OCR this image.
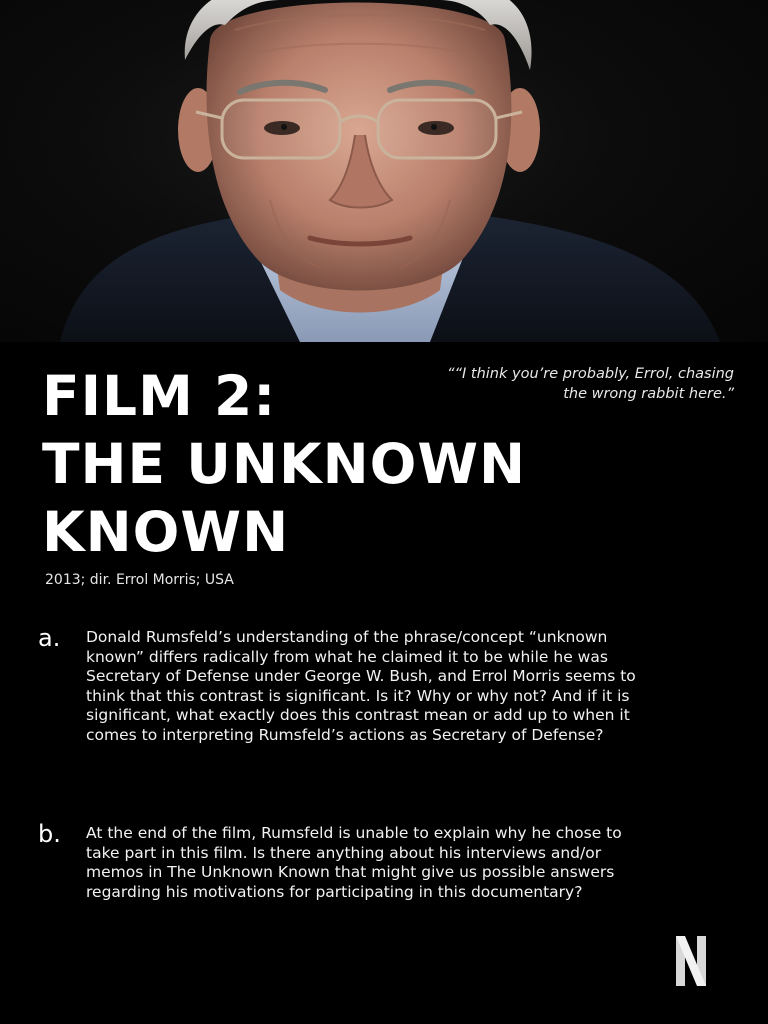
FILM 2:
THE UNKNOWN
KNOWN

““I think you’re probably, Errol, chasing the wrong rabbit here.”

2013; dir. Errol Morris; USA

a.	Donald Rumsfeld’s understanding of the phrase/concept “unknown known” differs radically from what he claimed it to be while he was Secretary of Defense under George W. Bush, and Errol Morris seems to think that this contrast is significant. Is it? Why or why not? And if it is significant, what exactly does this contrast mean or add up to when it comes to interpreting Rumsfeld’s actions as Secretary of Defense?

b.	At the end of the film, Rumsfeld is unable to explain why he chose to take part in this film. Is there anything about his interviews and/or memos in The Unknown Known that might give us possible answers regarding his motivations for participating in this documentary?
